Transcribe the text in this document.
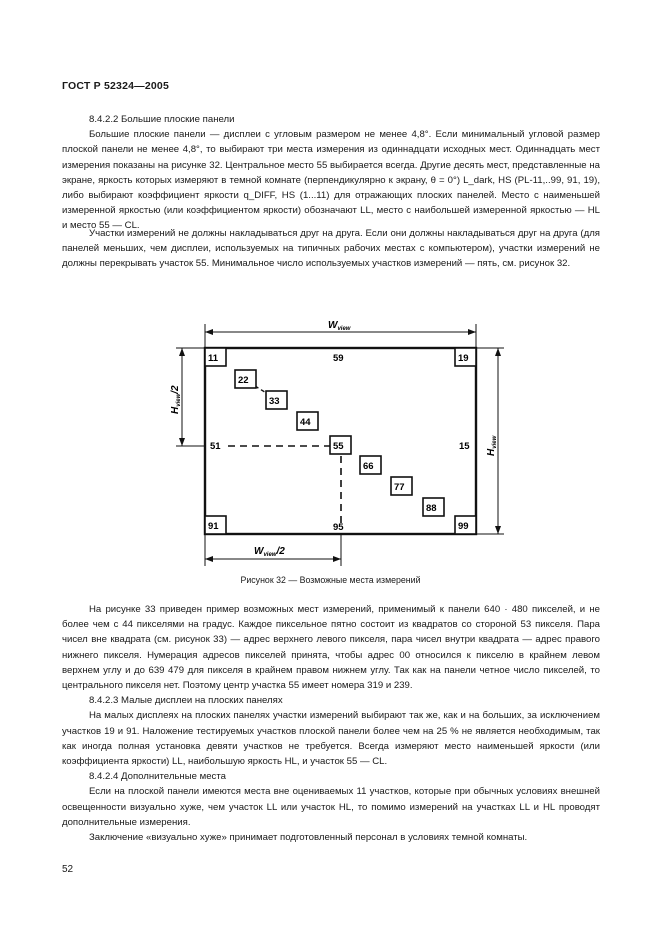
ГОСТ Р 52324—2005

8.4.2.2 Большие плоские панели

Большие плоские панели — дисплеи с угловым размером не менее 4,8°. Если минимальный угловой размер плоской панели не менее 4,8°, то выбирают три места измерения из одиннадцати исходных мест. Одиннадцать мест измерения показаны на рисунке 32. Центральное место 55 выбирается всегда. Другие десять мест, представленные на экране, яркость которых измеряют в темной комнате (перпендикулярно к экрану, θ = 0°) L_dark, HS (PL-11,..99, 91, 19), либо выбирают коэффициент яркости q_DIFF, HS (1...11) для отражающих плоских панелей. Место с наименьшей измеренной яркостью (или коэффициентом яркости) обозначают LL, место с наибольшей измеренной яркостью — HL и место 55 — CL.

Участки измерений не должны накладываться друг на друга. Если они должны накладываться друг на друга (для панелей меньших, чем дисплеи, используемых на типичных рабочих местах с компьютером), участки измерений не должны перекрывать участок 55. Минимальное число используемых участков измерений — пять, см. рисунок 32.

$W_{view}$
$W_{view}/2$
$H_{view}/2$
$H_{view}$
11
22
33
44
55
66
77
88
99
19
91
59
51	15
95
Рисунок 32 — Возможные места измерений

На рисунке 33 приведен пример возможных мест измерений, применимый к панели 640 · 480 пикселей, и не более чем с 44 пикселями на градус. Каждое пиксельное пятно состоит из квадратов со стороной 53 пикселя. Пара чисел вне квадрата (см. рисунок 33) — адрес верхнего левого пикселя, пара чисел внутри квадрата — адрес правого нижнего пикселя. Нумерация адресов пикселей принята, чтобы адрес 00 относился к пикселю в крайнем левом верхнем углу и до 639 479 для пикселя в крайнем правом нижнем углу. Так как на панели четное число пикселей, то центрального пикселя нет. Поэтому центр участка 55 имеет номера 319 и 239.

8.4.2.3 Малые дисплеи на плоских панелях

На малых дисплеях на плоских панелях участки измерений выбирают так же, как и на больших, за исключением участков 19 и 91. Наложение тестируемых участков плоской панели более чем на 25 % не является необходимым, так как иногда полная установка девяти участков не требуется. Всегда измеряют место наименьшей яркости (или коэффициента яркости) LL, наибольшую яркость HL, и участок 55 — CL.

8.4.2.4 Дополнительные места

Если на плоской панели имеются места вне оцениваемых 11 участков, которые при обычных условиях внешней освещенности визуально хуже, чем участок LL или участок HL, то помимо измерений на участках LL и HL проводят дополнительные измерения.

Заключение «визуально хуже» принимает подготовленный персонал в условиях темной комнаты.

52
